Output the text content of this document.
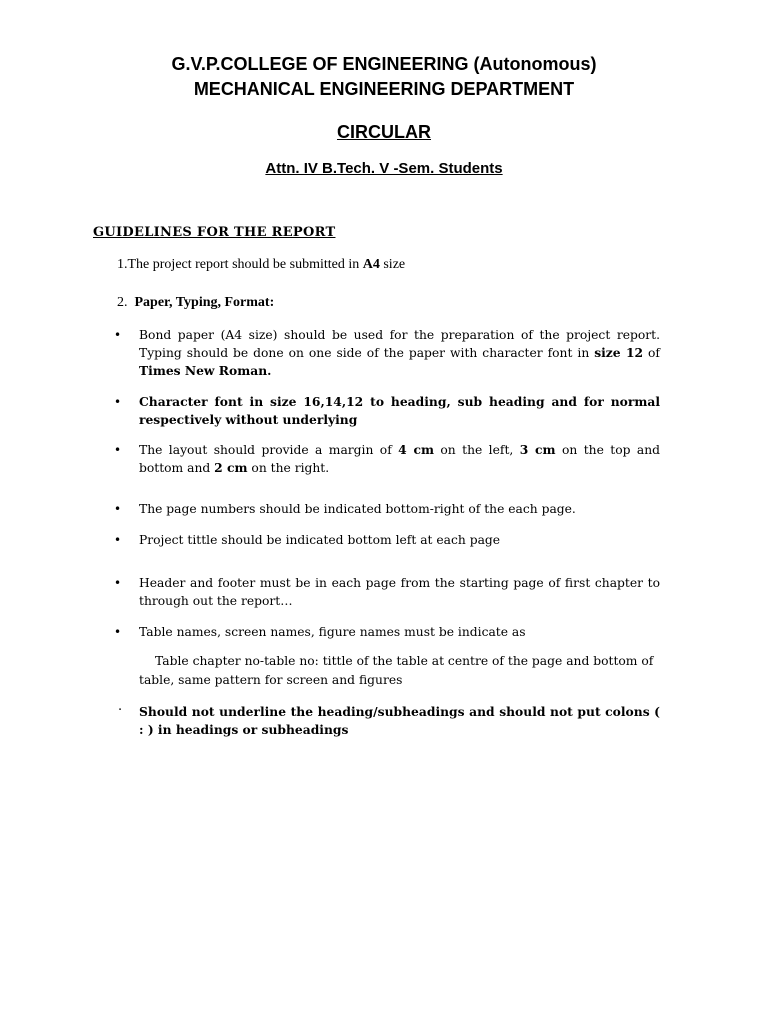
G.V.P.COLLEGE OF ENGINEERING (Autonomous)
MECHANICAL ENGINEERING DEPARTMENT
CIRCULAR
Attn. IV B.Tech. V -Sem. Students
GUIDELINES FOR THE REPORT
1.The project report should be submitted in A4 size
2. Paper, Typing, Format:
• Bond paper (A4 size) should be used for the preparation of the project report. Typing should be done on one side of the paper with character font in size 12 of Times New Roman.
• Character font in size 16,14,12 to heading, sub heading and for normal respectively without underlying
• The layout should provide a margin of 4 cm on the left, 3 cm on the top and bottom and 2 cm on the right.
• The page numbers should be indicated bottom-right of the each page.
• Project tittle should be indicated bottom left at each page
• Header and footer must be in each page from the starting page of first chapter to through out the report…
• Table names, screen names, figure names must be indicate as
Table chapter no-table no: tittle of the table at centre of the page and bottom of
table, same pattern for screen and figures
· Should not underline the heading/subheadings and should not put colons ( : ) in headings or subheadings
